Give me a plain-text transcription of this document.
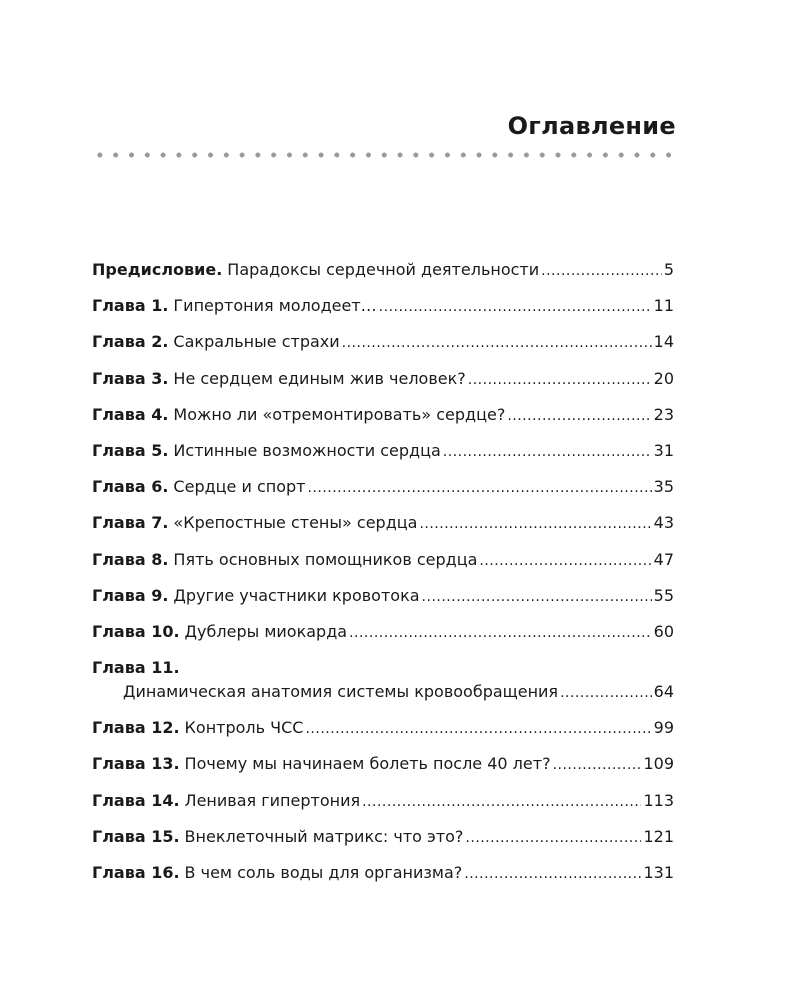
Оглавление
Предисловие. Парадоксы сердечной деятельности .....	5
Глава 1. Гипертония молодеет… .....	11
Глава 2. Сакральные страхи .....	14
Глава 3. Не сердцем единым жив человек? .....	20
Глава 4. Можно ли «отремонтировать» сердце? .....	23
Глава 5. Истинные возможности сердца .....	31
Глава 6. Сердце и спорт .....	35
Глава 7. «Крепостные стены» сердца .....	43
Глава 8. Пять основных помощников сердца .....	47
Глава 9. Другие участники кровотока .....	55
Глава 10. Дублеры миокарда .....	60
Глава 11.
Динамическая анатомия системы кровообращения .....	64
Глава 12. Контроль ЧСС .....	99
Глава 13. Почему мы начинаем болеть после 40 лет? .....	109
Глава 14. Ленивая гипертония .....	113
Глава 15. Внеклеточный матрикс: что это? .....	121
Глава 16. В чем соль воды для организма? .....	131
